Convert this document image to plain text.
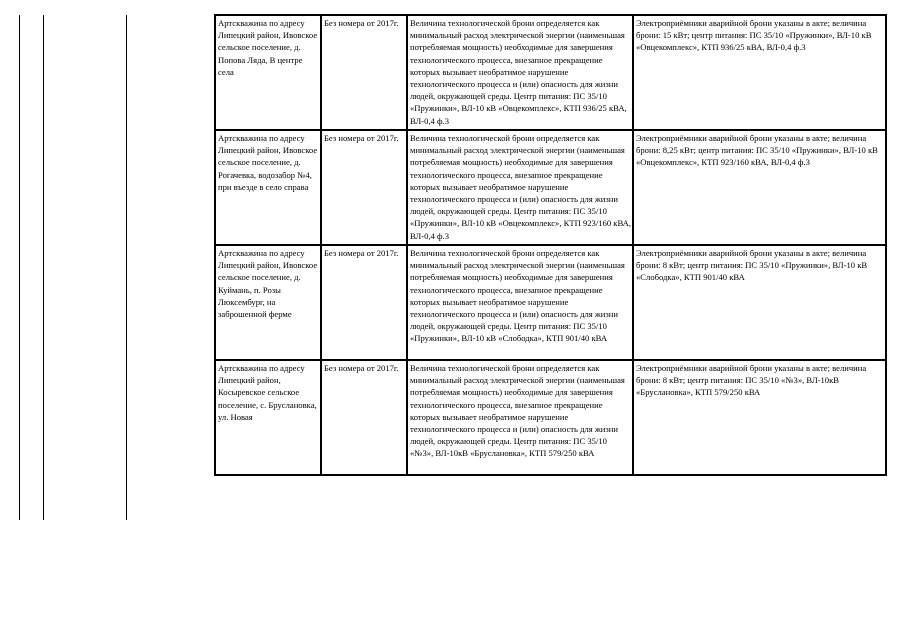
Артскважина по адресу Липецкий район, Ивовское сельское поселение, д. Попова Ляда, В центре села	Без номера от 2017г.	Величина технологической брони определяется как минимальный расход электрической энергии (наименьшая потребляемая мощность) необходимые для завершения технологического процесса, внезапное прекращение которых вызывает необратимое нарушение технологического процесса и (или) опасность для жизни людей, окружающей среды. Центр питания: ПС 35/10 «Пружинки», ВЛ-10 кВ «Овцекомплекс», КТП 936/25 кВА, ВЛ-0,4 ф.3	Электроприёмники аварийной брони указаны в акте; величина брони: 15 кВт; центр питания: ПС 35/10 «Пружинки», ВЛ-10 кВ «Овцекомплекс», КТП 936/25 кВА, ВЛ-0,4 ф.3
Артскважина по адресу Липецкий район, Ивовское сельское поселение, д. Рогачевка, водозабор №4, при въезде в село справа	Без номера от 2017г.	Величина технологической брони определяется как минимальный расход электрической энергии (наименьшая потребляемая мощность) необходимые для завершения технологического процесса, внезапное прекращение которых вызывает необратимое нарушение технологического процесса и (или) опасность для жизни людей, окружающей среды. Центр питания: ПС 35/10 «Пружинки», ВЛ-10 кВ «Овцекомплекс», КТП 923/160 кВА, ВЛ-0,4 ф.3	Электроприёмники аварийной брони указаны в акте; величина брони: 8,25 кВт; центр питания: ПС 35/10 «Пружинки», ВЛ-10 кВ «Овцекомплекс», КТП 923/160 кВА, ВЛ-0,4 ф.3
Артскважина по адресу Липецкий район, Ивовское сельское поселение, д. Куймань, п. Розы Люксембург, на заброшенной ферме	Без номера от 2017г.	Величина технологической брони определяется как минимальный расход электрической энергии (наименьшая потребляемая мощность) необходимые для завершения технологического процесса, внезапное прекращение которых вызывает необратимое нарушение технологического процесса и (или) опасность для жизни людей, окружающей среды. Центр питания: ПС 35/10 «Пружинки», ВЛ-10 кВ «Слободка», КТП 901/40 кВА	Электроприёмники аварийной брони указаны в акте; величина брони: 8 кВт; центр питания: ПС 35/10 «Пружинки», ВЛ-10 кВ «Слободка», КТП 901/40 кВА
Артскважина по адресу Липецкий район, Косыревское сельское поселение, с. Бруслановка, ул. Новая	Без номера от 2017г.	Величина технологической брони определяется как минимальный расход электрической энергии (наименьшая потребляемая мощность) необходимые для завершения технологического процесса, внезапное прекращение которых вызывает необратимое нарушение технологического процесса и (или) опасность для жизни людей, окружающей среды. Центр питания: ПС 35/10 «№3», ВЛ-10кВ «Бруслановка», КТП 579/250 кВА	Электроприёмники аварийной брони указаны в акте; величина брони: 8 кВт; центр питания: ПС 35/10 «№3», ВЛ-10кВ «Бруслановка», КТП 579/250 кВА
